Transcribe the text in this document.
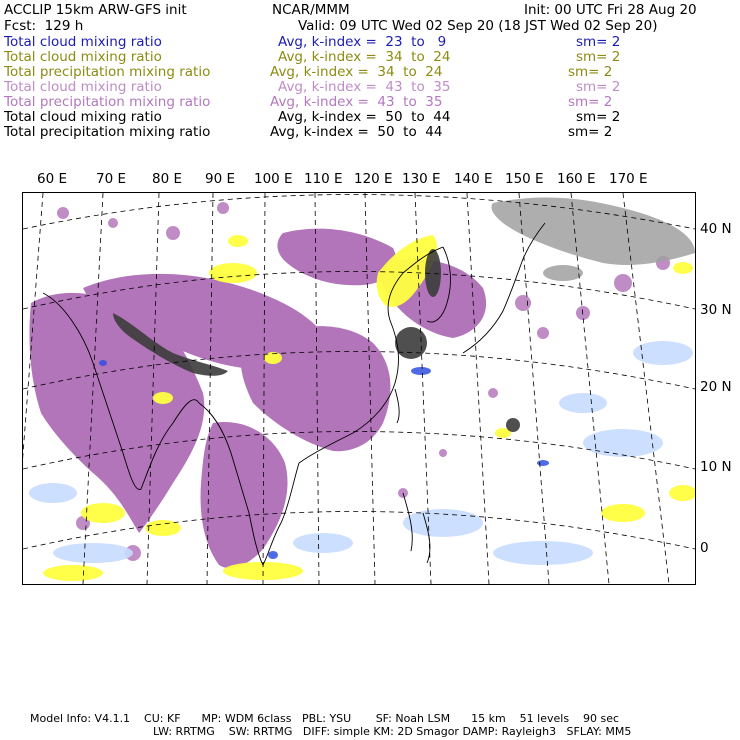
ACCLIP 15km ARW-GFS init	NCAR/MMM	Init: 00 UTC Fri 28 Aug 20
Fcst:  129 h	Valid: 09 UTC Wed 02 Sep 20 (18 JST Wed 02 Sep 20)
Total cloud mixing ratio	Avg, k-index =  23  to   9	sm= 2
Total cloud mixing ratio	Avg, k-index =  34  to  24	sm= 2
Total precipitation mixing ratio	Avg, k-index =  34  to  24	sm= 2
Total cloud mixing ratio	Avg, k-index =  43  to  35	sm= 2
Total precipitation mixing ratio	Avg, k-index =  43  to  35	sm= 2
Total cloud mixing ratio	Avg, k-index =  50  to  44	sm= 2
Total precipitation mixing ratio	Avg, k-index =  50  to  44	sm= 2
60 E 70 E 80 E 90 E 100 E 110 E 120 E 130 E 140 E 150 E 160 E 170 E
40 N
30 N
20 N
10 N
0
Model Info: V4.1.1    CU: KF      MP: WDM 6class   PBL: YSU       SF: Noah LSM      15 km    51 levels    90 sec
LW: RRTMG    SW: RRTMG   DIFF: simple KM: 2D Smagor DAMP: Rayleigh3   SFLAY: MM5
